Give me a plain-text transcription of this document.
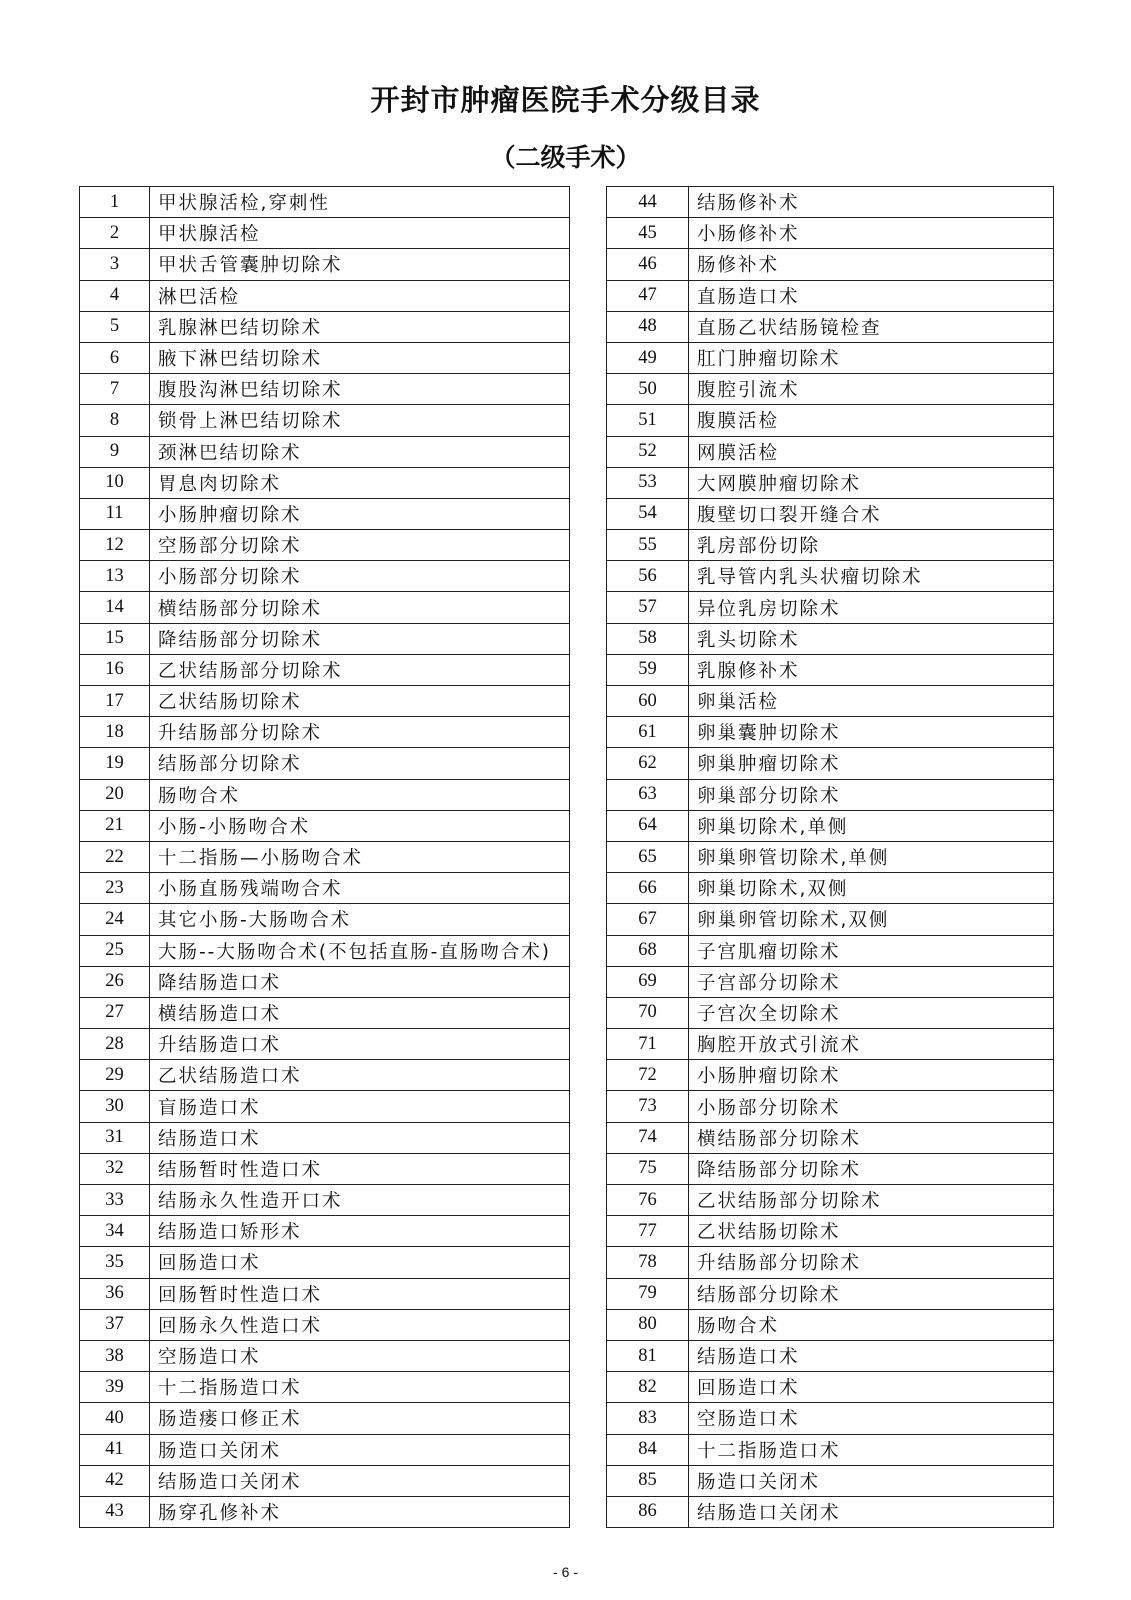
开封市肿瘤医院手术分级目录
（二级手术）
1	甲状腺活检,穿刺性
2	甲状腺活检
3	甲状舌管囊肿切除术
4	淋巴活检
5	乳腺淋巴结切除术
6	腋下淋巴结切除术
7	腹股沟淋巴结切除术
8	锁骨上淋巴结切除术
9	颈淋巴结切除术
10	胃息肉切除术
11	小肠肿瘤切除术
12	空肠部分切除术
13	小肠部分切除术
14	横结肠部分切除术
15	降结肠部分切除术
16	乙状结肠部分切除术
17	乙状结肠切除术
18	升结肠部分切除术
19	结肠部分切除术
20	肠吻合术
21	小肠-小肠吻合术
22	十二指肠—小肠吻合术
23	小肠直肠残端吻合术
24	其它小肠-大肠吻合术
25	大肠--大肠吻合术(不包括直肠-直肠吻合术)
26	降结肠造口术
27	横结肠造口术
28	升结肠造口术
29	乙状结肠造口术
30	盲肠造口术
31	结肠造口术
32	结肠暂时性造口术
33	结肠永久性造开口术
34	结肠造口矫形术
35	回肠造口术
36	回肠暂时性造口术
37	回肠永久性造口术
38	空肠造口术
39	十二指肠造口术
40	肠造瘘口修正术
41	肠造口关闭术
42	结肠造口关闭术
43	肠穿孔修补术
44	结肠修补术
45	小肠修补术
46	肠修补术
47	直肠造口术
48	直肠乙状结肠镜检查
49	肛门肿瘤切除术
50	腹腔引流术
51	腹膜活检
52	网膜活检
53	大网膜肿瘤切除术
54	腹壁切口裂开缝合术
55	乳房部份切除
56	乳导管内乳头状瘤切除术
57	异位乳房切除术
58	乳头切除术
59	乳腺修补术
60	卵巢活检
61	卵巢囊肿切除术
62	卵巢肿瘤切除术
63	卵巢部分切除术
64	卵巢切除术,单侧
65	卵巢卵管切除术,单侧
66	卵巢切除术,双侧
67	卵巢卵管切除术,双侧
68	子宫肌瘤切除术
69	子宫部分切除术
70	子宫次全切除术
71	胸腔开放式引流术
72	小肠肿瘤切除术
73	小肠部分切除术
74	横结肠部分切除术
75	降结肠部分切除术
76	乙状结肠部分切除术
77	乙状结肠切除术
78	升结肠部分切除术
79	结肠部分切除术
80	肠吻合术
81	结肠造口术
82	回肠造口术
83	空肠造口术
84	十二指肠造口术
85	肠造口关闭术
86	结肠造口关闭术
- 6 -
